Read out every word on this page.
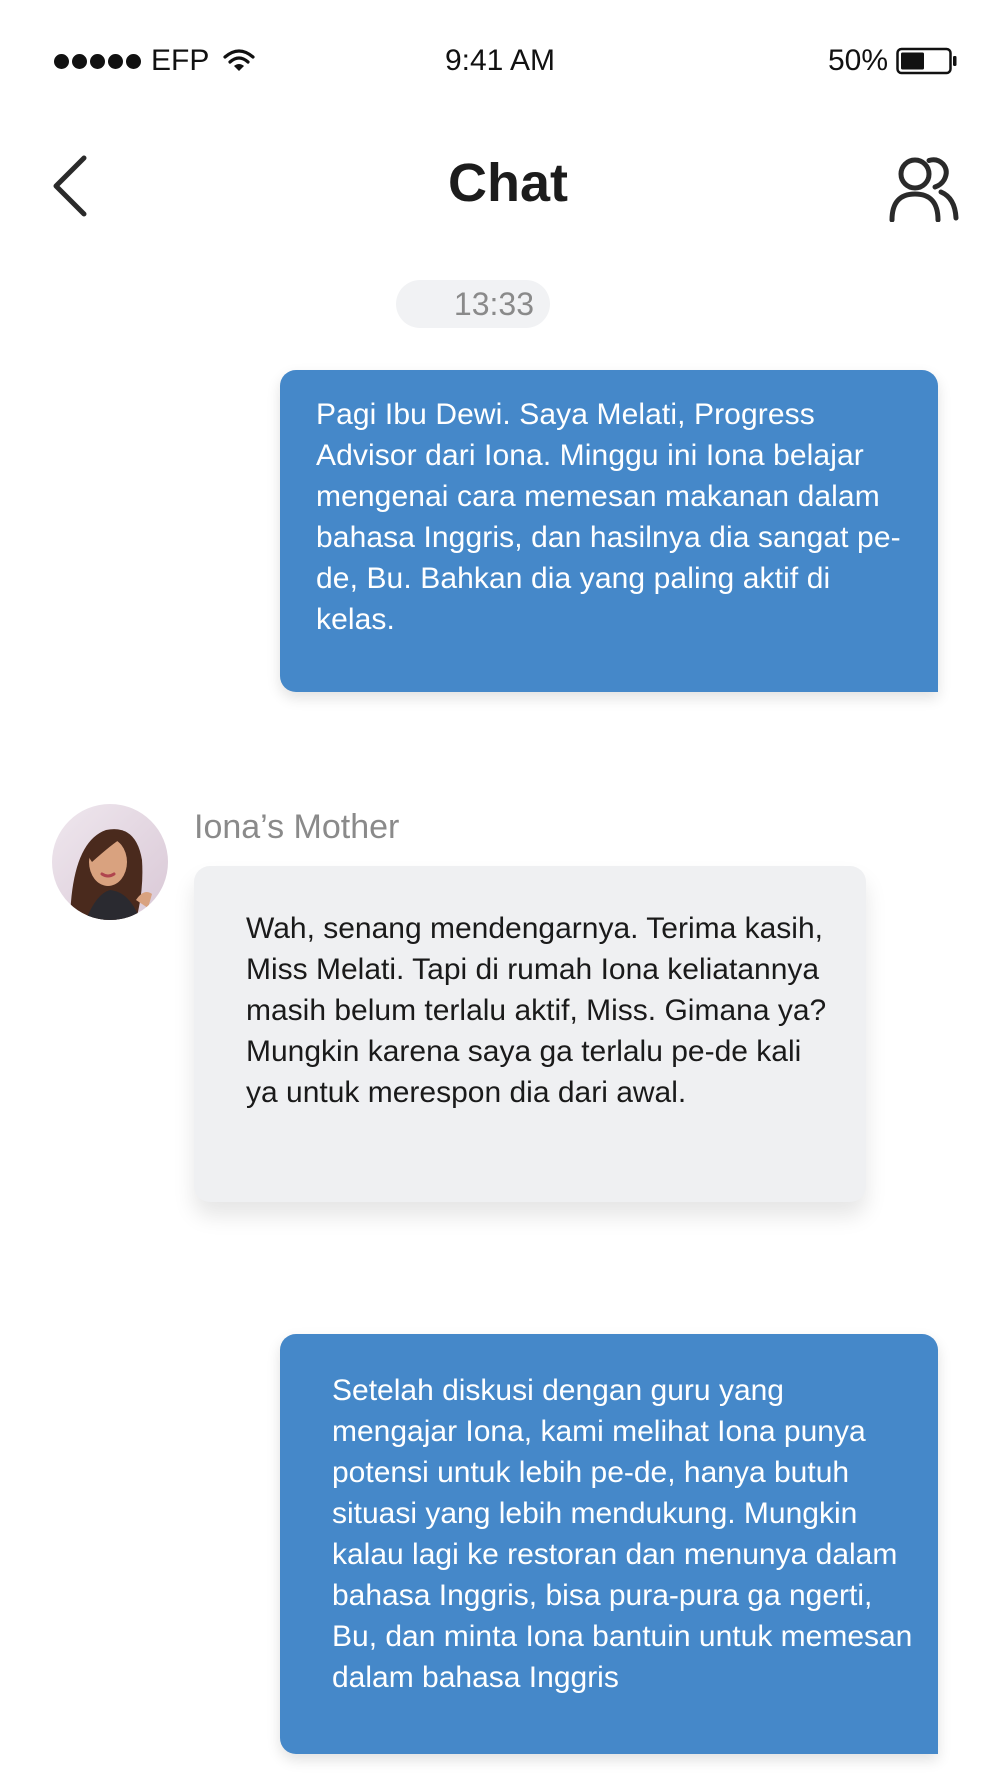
EFP	9:41 AM	50%
Chat
13:33

Pagi Ibu Dewi. Saya Melati, Progress Advisor dari Iona. Minggu ini Iona belajar mengenai cara memesan makanan dalam bahasa Inggris, dan hasilnya dia sangat pe-de, Bu. Bahkan dia yang paling aktif di kelas.

Iona’s Mother

Wah, senang mendengarnya. Terima kasih, Miss Melati. Tapi di rumah Iona keliatannya masih belum terlalu aktif, Miss. Gimana ya? Mungkin karena saya ga terlalu pe-de kali ya untuk merespon dia dari awal.

Setelah diskusi dengan guru yang mengajar Iona, kami melihat Iona punya potensi untuk lebih pe-de, hanya butuh situasi yang lebih mendukung. Mungkin kalau lagi ke restoran dan menunya dalam bahasa Inggris, bisa pura-pura ga ngerti, Bu, dan minta Iona bantuin untuk memesan dalam bahasa Inggris
